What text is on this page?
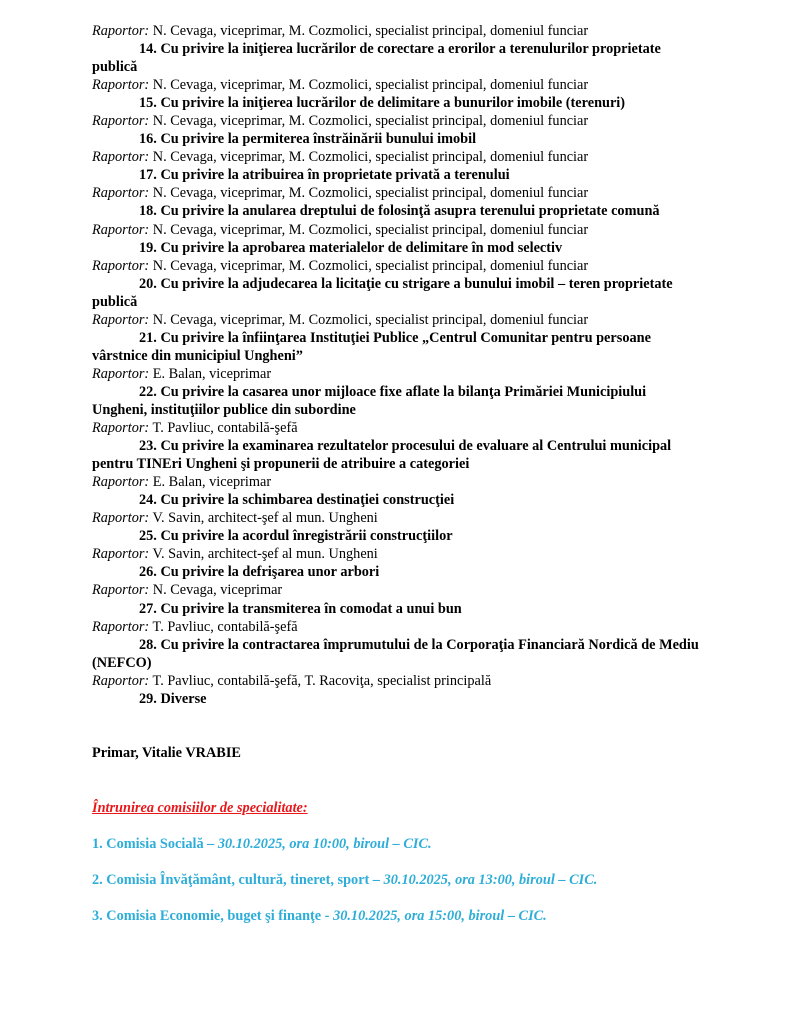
Raportor: N. Cevaga, viceprimar, M. Cozmolici, specialist principal, domeniul funciar
14. Cu privire la iniţierea lucrărilor de corectare a erorilor a terenulurilor proprietate
publică
Raportor: N. Cevaga, viceprimar, M. Cozmolici, specialist principal, domeniul funciar
15. Cu privire la iniţierea lucrărilor de delimitare a bunurilor imobile (terenuri)
Raportor: N. Cevaga, viceprimar, M. Cozmolici, specialist principal, domeniul funciar
16. Cu privire la permiterea înstrăinării bunului imobil
Raportor: N. Cevaga, viceprimar, M. Cozmolici, specialist principal, domeniul funciar
17. Cu privire la atribuirea în proprietate privată a terenului
Raportor: N. Cevaga, viceprimar, M. Cozmolici, specialist principal, domeniul funciar
18. Cu privire la anularea dreptului de folosinţă asupra terenului proprietate comună
Raportor: N. Cevaga, viceprimar, M. Cozmolici, specialist principal, domeniul funciar
19. Cu privire la aprobarea materialelor de delimitare în mod selectiv
Raportor: N. Cevaga, viceprimar, M. Cozmolici, specialist principal, domeniul funciar
20. Cu privire la adjudecarea la licitaţie cu strigare a bunului imobil – teren proprietate
publică
Raportor: N. Cevaga, viceprimar, M. Cozmolici, specialist principal, domeniul funciar
21. Cu privire la înfiinţarea Instituţiei Publice „Centrul Comunitar pentru persoane
vârstnice din municipiul Ungheni”
Raportor: E. Balan, viceprimar
22. Cu privire la casarea unor mijloace fixe aflate la bilanţa Primăriei Municipiului
Ungheni, instituţiilor publice din subordine
Raportor: T. Pavliuc, contabilă-şefă
23. Cu privire la examinarea rezultatelor procesului de evaluare al Centrului municipal
pentru TINEri Ungheni şi propunerii de atribuire a categoriei
Raportor: E. Balan, viceprimar
24. Cu privire la schimbarea destinaţiei construcţiei
Raportor: V. Savin, architect-şef al mun. Ungheni
25. Cu privire la acordul înregistrării construcţiilor
Raportor: V. Savin, architect-şef al mun. Ungheni
26. Cu privire la defrişarea unor arbori
Raportor: N. Cevaga, viceprimar
27. Cu privire la transmiterea în comodat a unui bun
Raportor: T. Pavliuc, contabilă-şefă
28. Cu privire la contractarea împrumutului de la Corporaţia Financiară Nordică de Mediu
(NEFCO)
Raportor: T. Pavliuc, contabilă-şefă, T. Racoviţa, specialist principală
29. Diverse
Primar, Vitalie VRABIE
Întrunirea comisiilor de specialitate:
1. Comisia Socială – 30.10.2025, ora 10:00, biroul – CIC.
2. Comisia Învăţământ, cultură, tineret, sport – 30.10.2025, ora 13:00, biroul – CIC.
3. Comisia Economie, buget şi finanţe - 30.10.2025, ora 15:00, biroul – CIC.
